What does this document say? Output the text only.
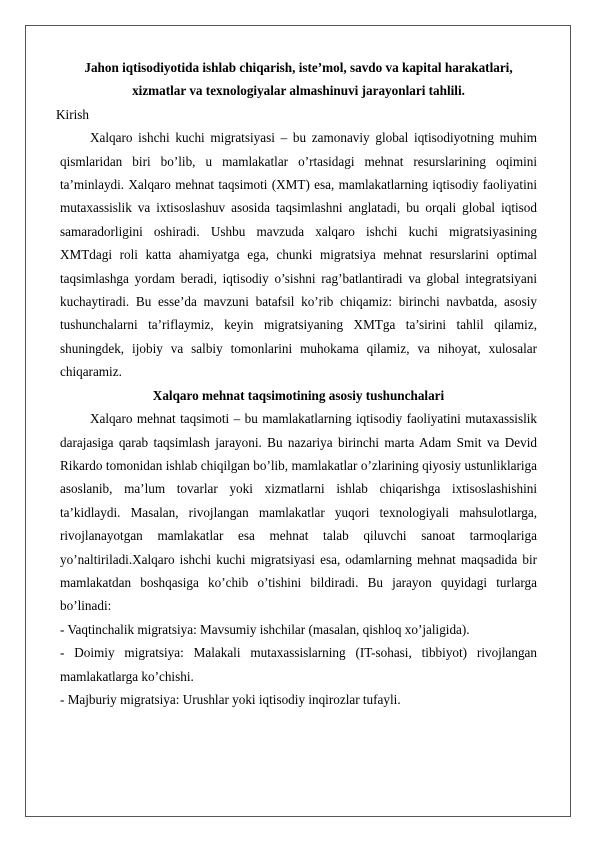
Jahon iqtisodiyotida ishlab chiqarish, iste’mol, savdo va kapital harakatlari, xizmatlar va texnologiyalar almashinuvi jarayonlari tahlili.

Kirish

Xalqaro ishchi kuchi migratsiyasi – bu zamonaviy global iqtisodiyotning muhim qismlaridan biri bo’lib, u mamlakatlar o’rtasidagi mehnat resurslarining oqimini ta’minlaydi. Xalqaro mehnat taqsimoti (XMT) esa, mamlakatlarning iqtisodiy faoliyatini mutaxassislik va ixtisoslashuv asosida taqsimlashni anglatadi, bu orqali global iqtisod samaradorligini oshiradi. Ushbu mavzuda xalqaro ishchi kuchi migratsiyasining XMTdagi roli katta ahamiyatga ega, chunki migratsiya mehnat resurslarini optimal taqsimlashga yordam beradi, iqtisodiy o’sishni rag’batlantiradi va global integratsiyani kuchaytiradi. Bu esse’da mavzuni batafsil ko’rib chiqamiz: birinchi navbatda, asosiy tushunchalarni ta’riflaymiz, keyin migratsiyaning XMTga ta’sirini tahlil qilamiz, shuningdek, ijobiy va salbiy tomonlarini muhokama qilamiz, va nihoyat, xulosalar chiqaramiz.

Xalqaro mehnat taqsimotining asosiy tushunchalari

Xalqaro mehnat taqsimoti – bu mamlakatlarning iqtisodiy faoliyatini mutaxassislik darajasiga qarab taqsimlash jarayoni. Bu nazariya birinchi marta Adam Smit va Devid Rikardo tomonidan ishlab chiqilgan bo’lib, mamlakatlar o’zlarining qiyosiy ustunliklariga asoslanib, ma’lum tovarlar yoki xizmatlarni ishlab chiqarishga ixtisoslashishini ta’kidlaydi. Masalan, rivojlangan mamlakatlar yuqori texnologiyali mahsulotlarga, rivojlanayotgan mamlakatlar esa mehnat talab qiluvchi sanoat tarmoqlariga yo’naltiriladi.Xalqaro ishchi kuchi migratsiyasi esa, odamlarning mehnat maqsadida bir mamlakatdan boshqasiga ko’chib o’tishini bildiradi. Bu jarayon quyidagi turlarga bo’linadi:

- Vaqtinchalik migratsiya: Mavsumiy ishchilar (masalan, qishloq xo’jaligida).
- Doimiy migratsiya: Malakali mutaxassislarning (IT-sohasi, tibbiyot) rivojlangan mamlakatlarga ko’chishi.
- Majburiy migratsiya: Urushlar yoki iqtisodiy inqirozlar tufayli.
